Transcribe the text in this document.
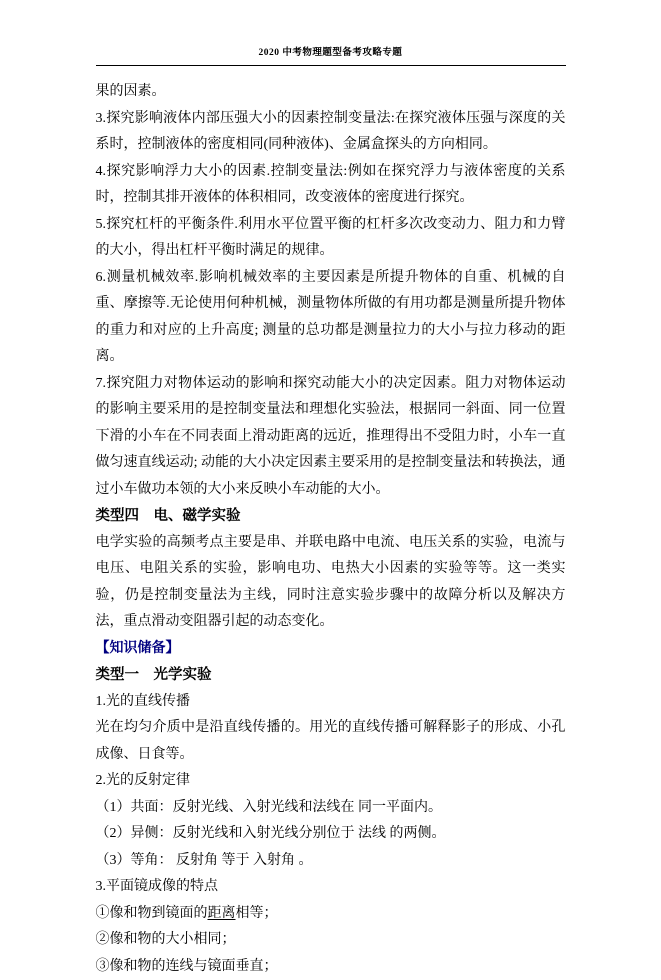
2020 中考物理题型备考攻略专题

果的因素。

3.探究影响液体内部压强大小的因素控制变量法:在探究液体压强与深度的关系时，控制液体的密度相同(同种液体)、金属盒探头的方向相同。

4.探究影响浮力大小的因素.控制变量法:例如在探究浮力与液体密度的关系时，控制其排开液体的体积相同，改变液体的密度进行探究。

5.探究杠杆的平衡条件.利用水平位置平衡的杠杆多次改变动力、阻力和力臂的大小，得出杠杆平衡时满足的规律。

6.测量机械效率.影响机械效率的主要因素是所提升物体的自重、机械的自重、摩擦等.无论使用何种机械，测量物体所做的有用功都是测量所提升物体的重力和对应的上升高度; 测量的总功都是测量拉力的大小与拉力移动的距离。

7.探究阻力对物体运动的影响和探究动能大小的决定因素。阻力对物体运动的影响主要采用的是控制变量法和理想化实验法，根据同一斜面、同一位置下滑的小车在不同表面上滑动距离的远近，推理得出不受阻力时，小车一直做匀速直线运动; 动能的大小决定因素主要采用的是控制变量法和转换法，通过小车做功本领的大小来反映小车动能的大小。

类型四　电、磁学实验

电学实验的高频考点主要是串、并联电路中电流、电压关系的实验，电流与电压、电阻关系的实验，影响电功、电热大小因素的实验等等。这一类实验，仍是控制变量法为主线，同时注意实验步骤中的故障分析以及解决方法，重点滑动变阻器引起的动态变化。

【知识储备】

类型一　光学实验

1.光的直线传播

光在均匀介质中是沿直线传播的。用光的直线传播可解释影子的形成、小孔成像、日食等。

2.光的反射定律

（1）共面：反射光线、入射光线和法线在 同一平面内。

（2）异侧：反射光线和入射光线分别位于 法线 的两侧。

（3）等角： 反射角 等于 入射角 。

3.平面镜成像的特点

①像和物到镜面的距离相等；

②像和物的大小相同；

③像和物的连线与镜面垂直；
